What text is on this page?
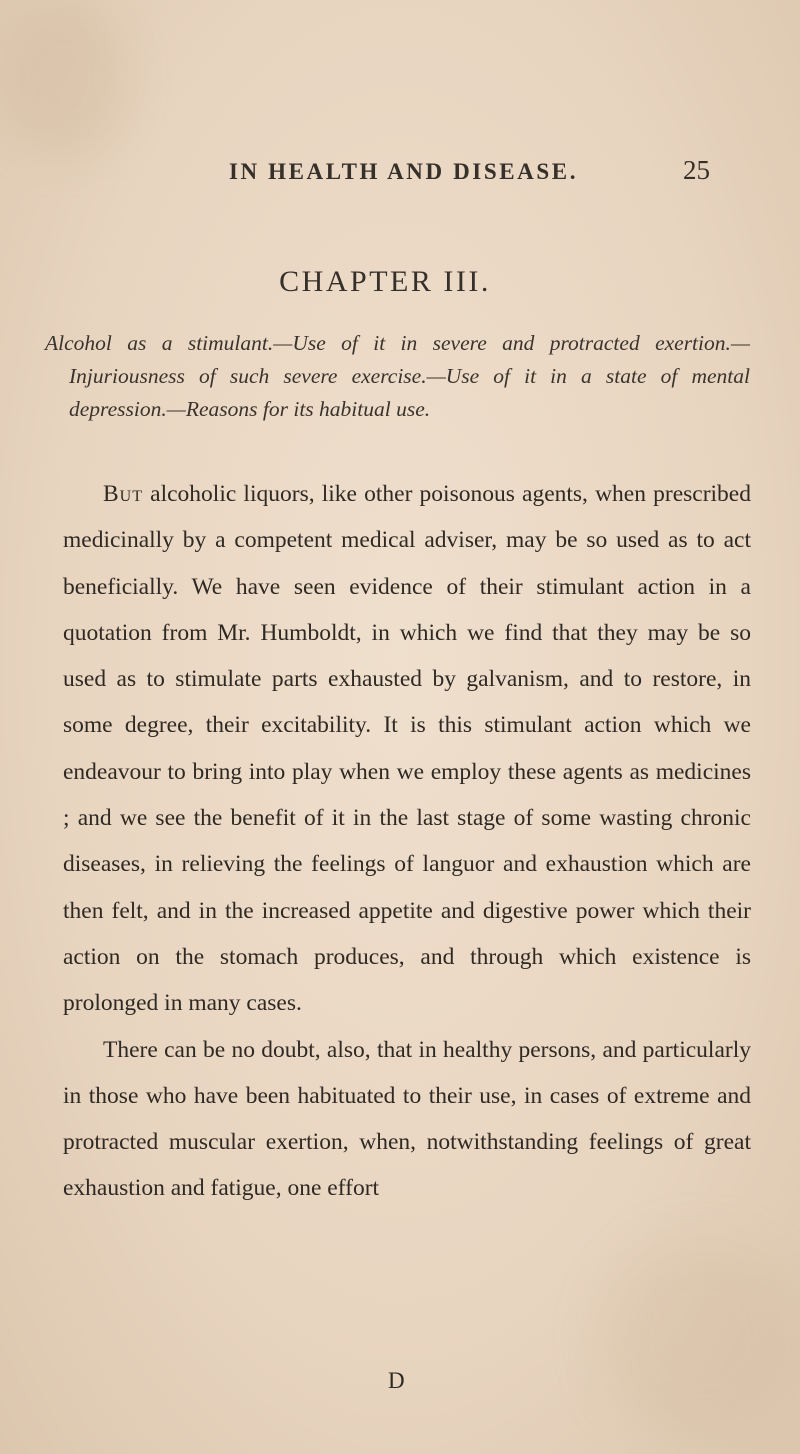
IN HEALTH AND DISEASE.	25
CHAPTER III.
Alcohol as a stimulant.—Use of it in severe and protracted exertion.—Injuriousness of such severe exercise.—Use of it in a state of mental depression.—Reasons for its habitual use.

But alcoholic liquors, like other poisonous agents, when prescribed medicinally by a competent medical adviser, may be so used as to act beneficially. We have seen evidence of their stimulant action in a quotation from Mr. Humboldt, in which we find that they may be so used as to stimulate parts exhausted by galvanism, and to restore, in some degree, their excitability. It is this stimulant action which we endeavour to bring into play when we employ these agents as medicines ; and we see the benefit of it in the last stage of some wasting chronic diseases, in relieving the feelings of languor and exhaustion which are then felt, and in the increased appetite and digestive power which their action on the stomach produces, and through which existence is prolonged in many cases.

There can be no doubt, also, that in healthy persons, and particularly in those who have been habituated to their use, in cases of extreme and protracted muscular exertion, when, notwithstanding feelings of great exhaustion and fatigue, one effort

D
